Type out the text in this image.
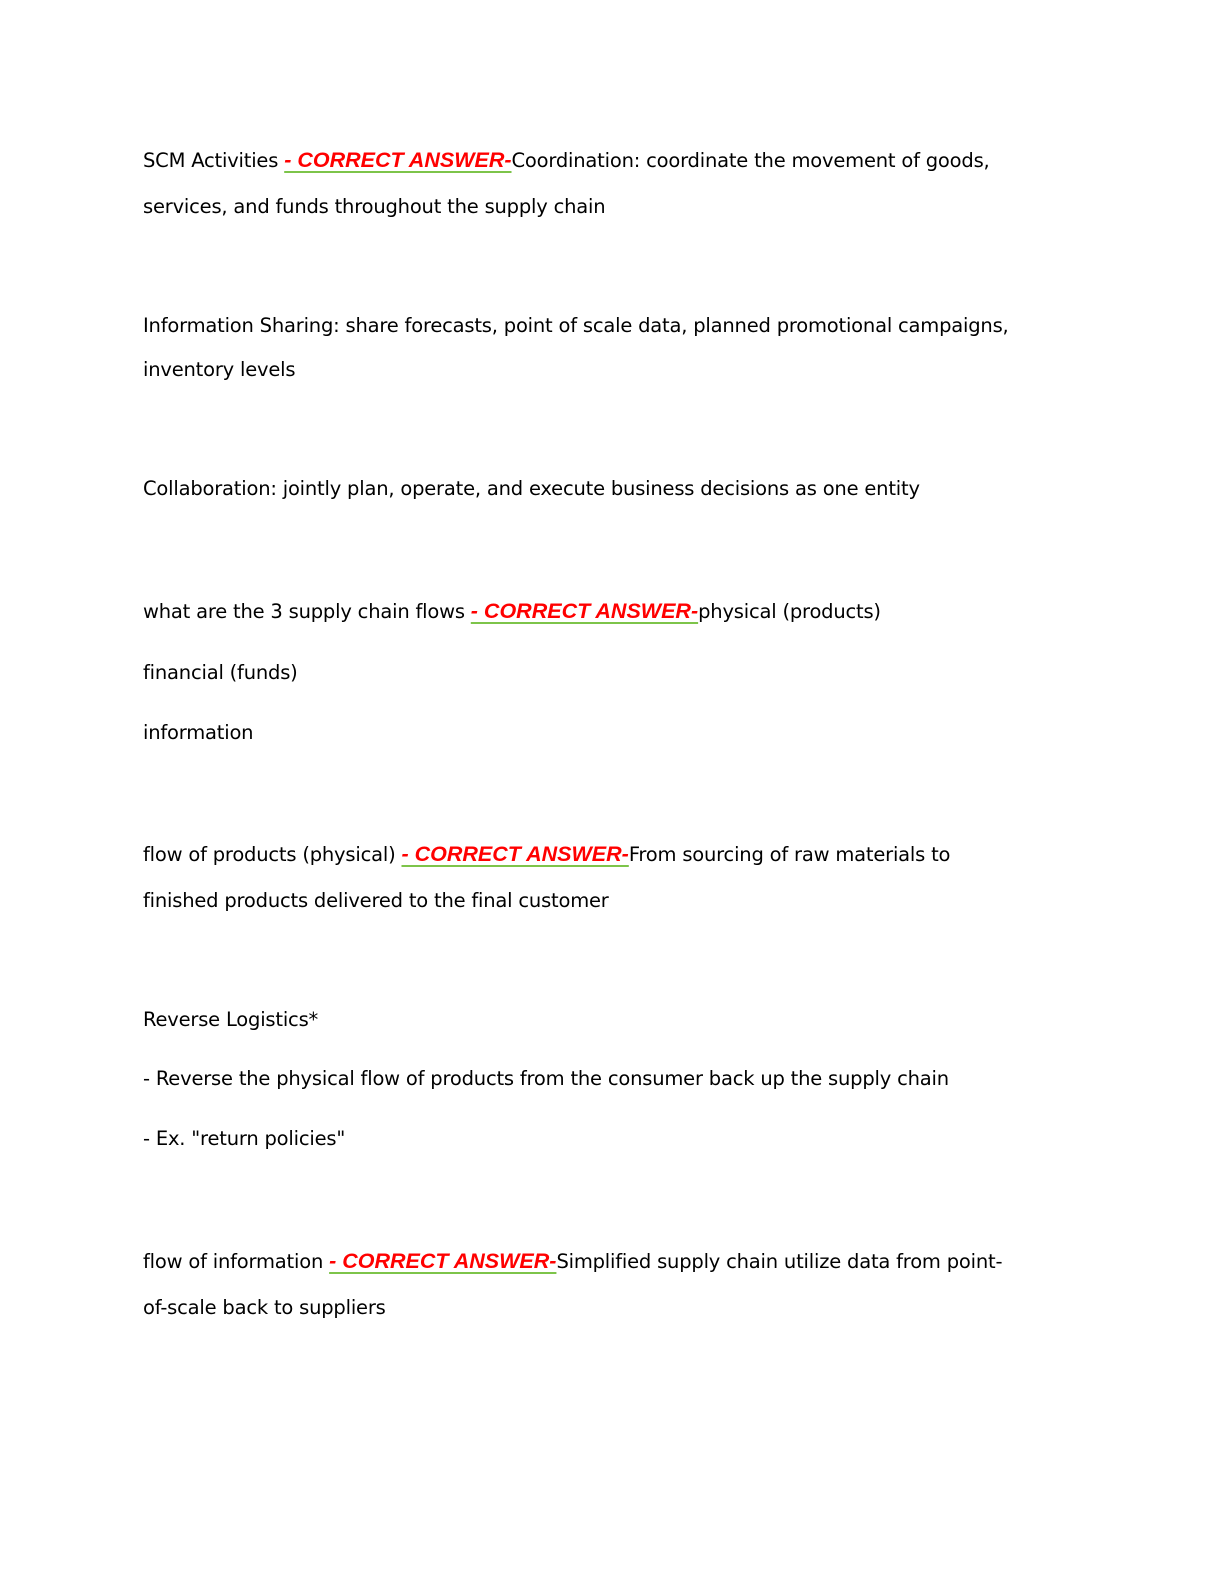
SCM Activities - CORRECT ANSWER-Coordination: coordinate the movement of goods,
services, and funds throughout the supply chain
Information Sharing: share forecasts, point of scale data, planned promotional campaigns,
inventory levels
Collaboration: jointly plan, operate, and execute business decisions as one entity
what are the 3 supply chain flows - CORRECT ANSWER-physical (products)
financial (funds)
information
flow of products (physical) - CORRECT ANSWER-From sourcing of raw materials to
finished products delivered to the final customer
Reverse Logistics*
- Reverse the physical flow of products from the consumer back up the supply chain
- Ex. "return policies"
flow of information - CORRECT ANSWER-Simplified supply chain utilize data from point-
of-scale back to suppliers
